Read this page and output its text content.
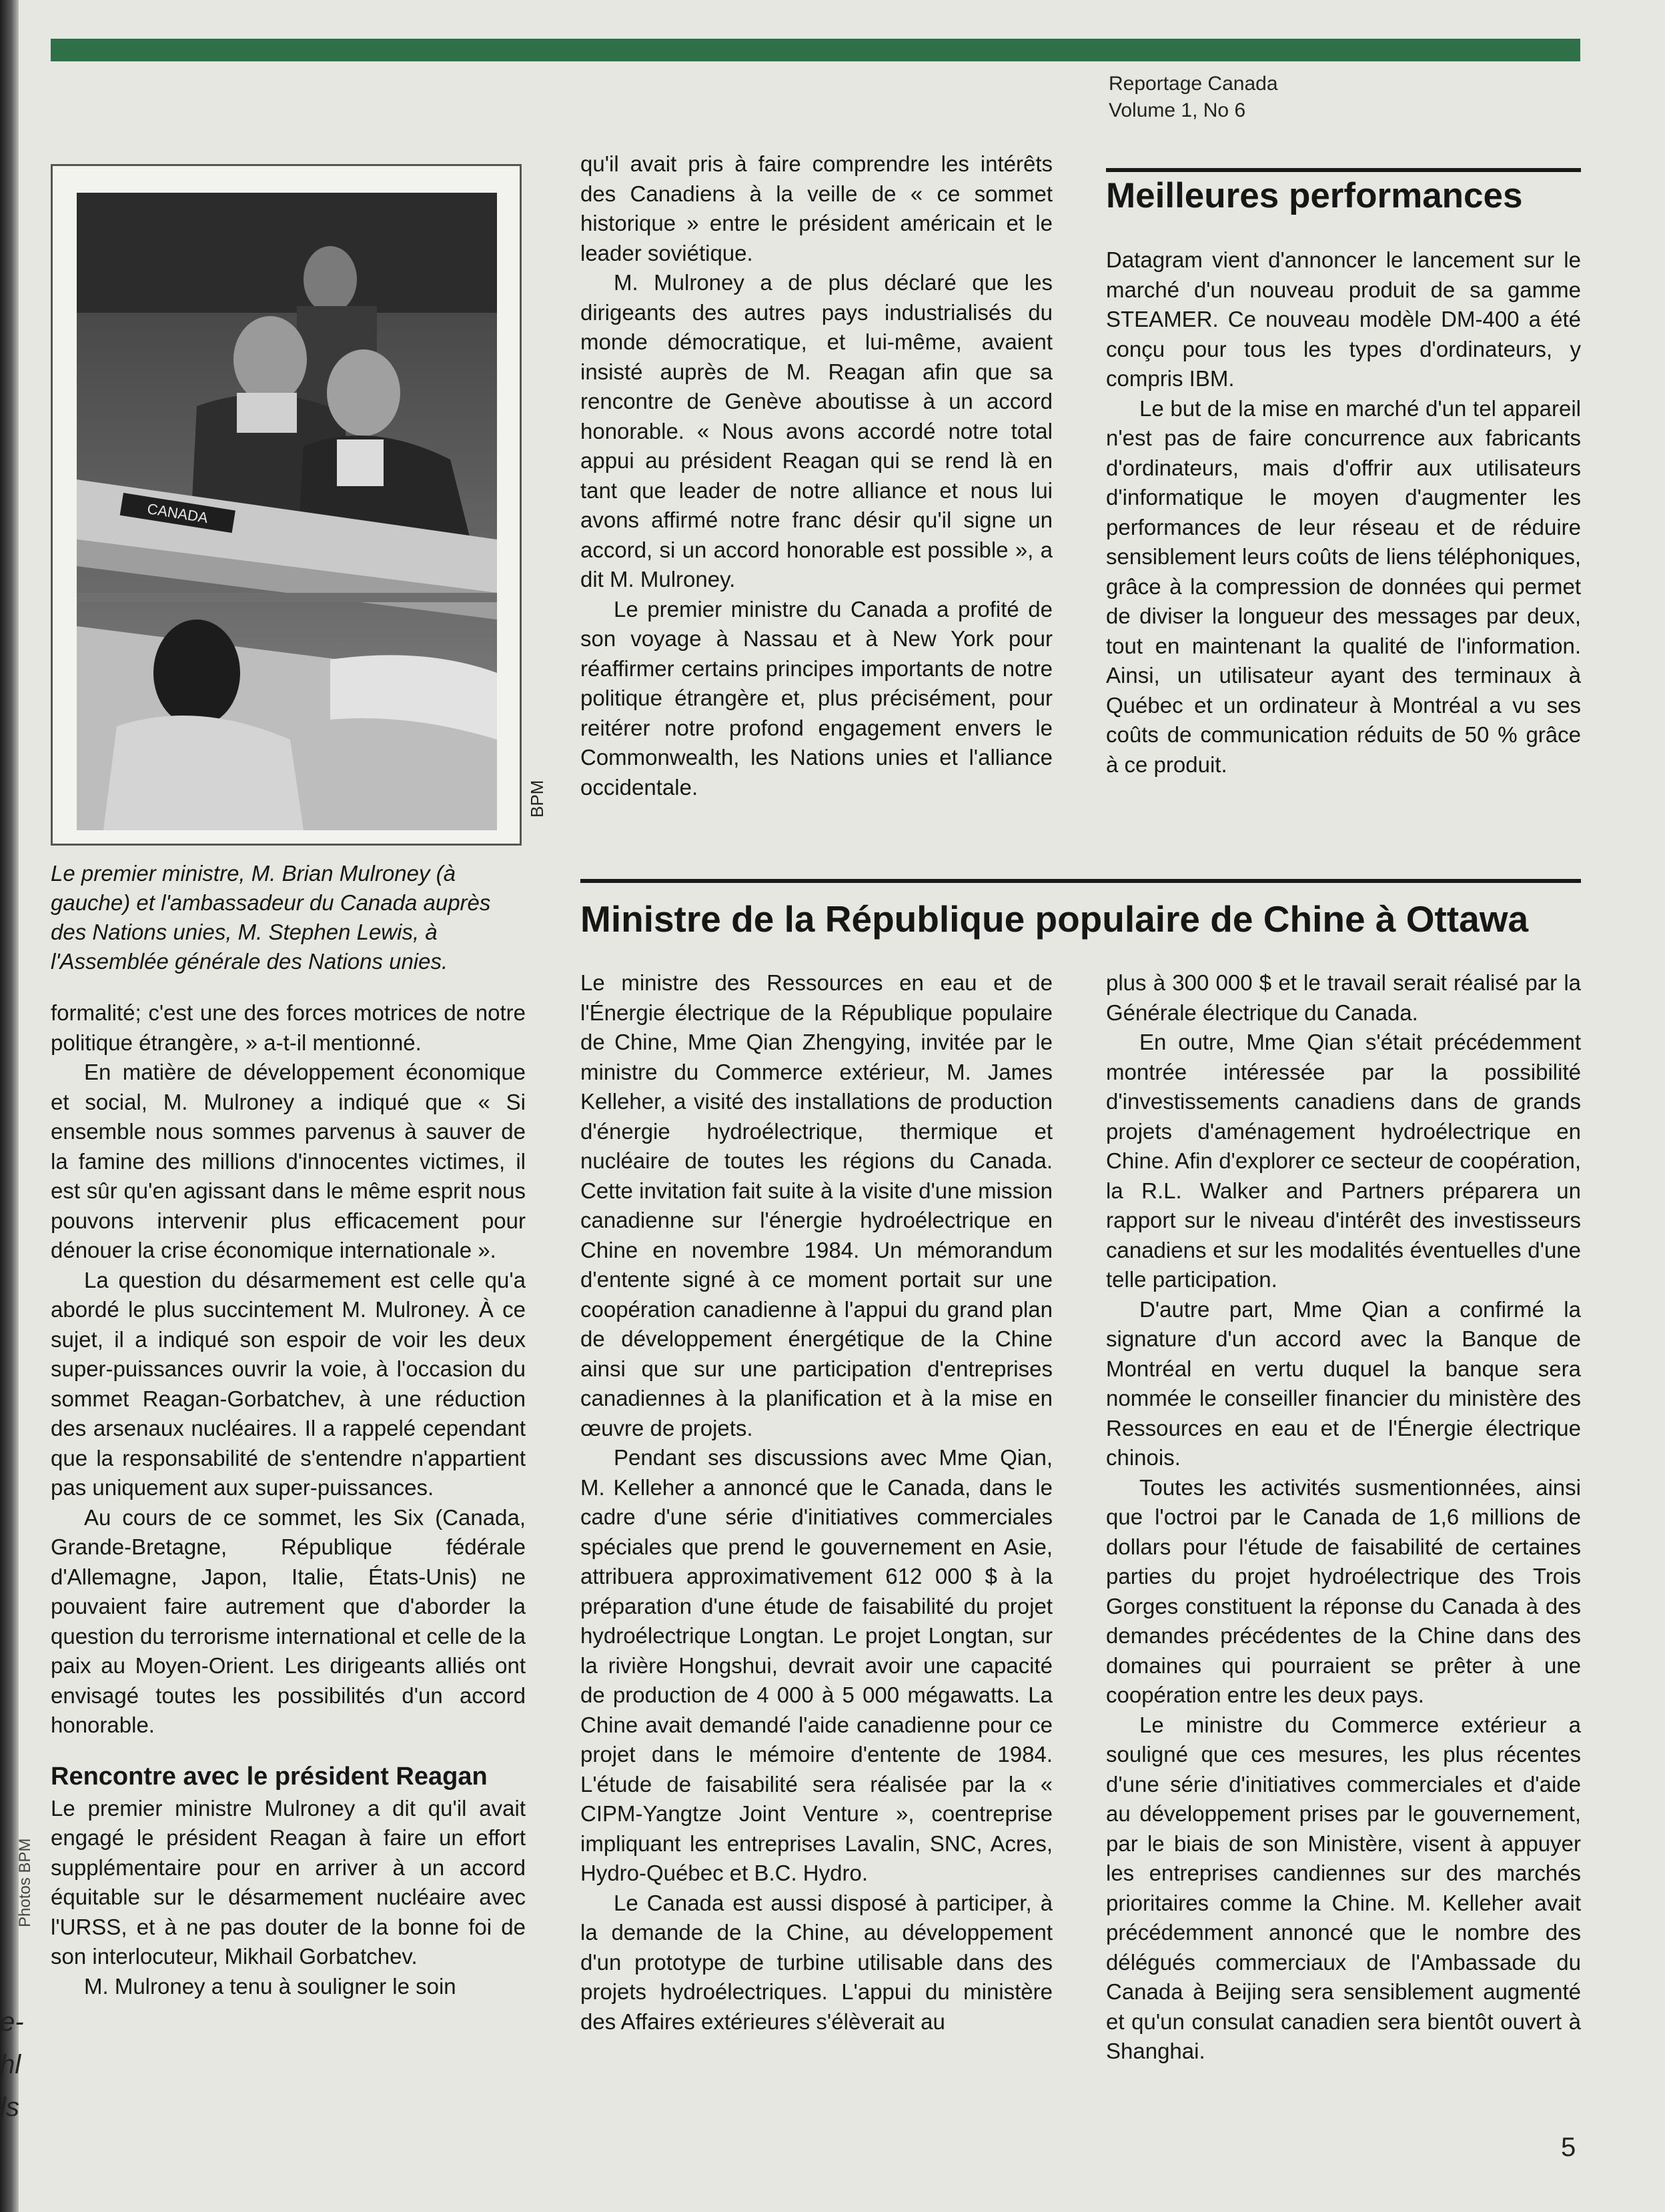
e-
hl
ls
Reportage Canada
Volume 1, No 6
CANADA
BPM
Le premier ministre, M. Brian Mulroney (à gauche) et l'ambassadeur du Canada auprès des Nations unies, M. Stephen Lewis, à l'Assemblée générale des Nations unies.
Photos BPM

formalité; c'est une des forces motrices de notre politique étrangère, » a-t-il mentionné.

En matière de développement économique et social, M. Mulroney a indiqué que « Si ensemble nous sommes parvenus à sauver de la famine des millions d'innocentes victimes, il est sûr qu'en agissant dans le même esprit nous pouvons intervenir plus efficacement pour dénouer la crise économique internationale ».

La question du désarmement est celle qu'a abordé le plus succintement M. Mulroney. À ce sujet, il a indiqué son espoir de voir les deux super-puissances ouvrir la voie, à l'occasion du sommet Reagan-Gorbatchev, à une réduction des arsenaux nucléaires. Il a rappelé cependant que la responsabilité de s'entendre n'appartient pas uniquement aux super-puissances.

Au cours de ce sommet, les Six (Canada, Grande-Bretagne, République fédérale d'Allemagne, Japon, Italie, États-Unis) ne pouvaient faire autrement que d'aborder la question du terrorisme international et celle de la paix au Moyen-Orient. Les dirigeants alliés ont envisagé toutes les possibilités d'un accord honorable.

Rencontre avec le président Reagan

Le premier ministre Mulroney a dit qu'il avait engagé le président Reagan à faire un effort supplémentaire pour en arriver à un accord équitable sur le désarmement nucléaire avec l'URSS, et à ne pas douter de la bonne foi de son interlocuteur, Mikhail Gorbatchev.

M. Mulroney a tenu à souligner le soin

qu'il avait pris à faire comprendre les intérêts des Canadiens à la veille de « ce sommet historique » entre le président américain et le leader soviétique.

M. Mulroney a de plus déclaré que les dirigeants des autres pays industrialisés du monde démocratique, et lui-même, avaient insisté auprès de M. Reagan afin que sa rencontre de Genève aboutisse à un accord honorable. « Nous avons accordé notre total appui au président Reagan qui se rend là en tant que leader de notre alliance et nous lui avons affirmé notre franc désir qu'il signe un accord, si un accord honorable est possible », a dit M. Mulroney.

Le premier ministre du Canada a profité de son voyage à Nassau et à New York pour réaffirmer certains principes importants de notre politique étrangère et, plus précisément, pour reitérer notre profond engagement envers le Commonwealth, les Nations unies et l'alliance occidentale.

Meilleures performances

Datagram vient d'annoncer le lancement sur le marché d'un nouveau produit de sa gamme STEAMER. Ce nouveau modèle DM-400 a été conçu pour tous les types d'ordinateurs, y compris IBM.

Le but de la mise en marché d'un tel appareil n'est pas de faire concurrence aux fabricants d'ordinateurs, mais d'offrir aux utilisateurs d'informatique le moyen d'augmenter les performances de leur réseau et de réduire sensiblement leurs coûts de liens téléphoniques, grâce à la compression de données qui permet de diviser la longueur des messages par deux, tout en maintenant la qualité de l'information. Ainsi, un utilisateur ayant des terminaux à Québec et un ordinateur à Montréal a vu ses coûts de communication réduits de 50 % grâce à ce produit.

Ministre de la République populaire de Chine à Ottawa

Le ministre des Ressources en eau et de l'Énergie électrique de la République populaire de Chine, Mme Qian Zhengying, invitée par le ministre du Commerce extérieur, M. James Kelleher, a visité des installations de production d'énergie hydroélectrique, thermique et nucléaire de toutes les régions du Canada. Cette invitation fait suite à la visite d'une mission canadienne sur l'énergie hydroélectrique en Chine en novembre 1984. Un mémorandum d'entente signé à ce moment portait sur une coopération canadienne à l'appui du grand plan de développement énergétique de la Chine ainsi que sur une participation d'entreprises canadiennes à la planification et à la mise en œuvre de projets.

Pendant ses discussions avec Mme Qian, M. Kelleher a annoncé que le Canada, dans le cadre d'une série d'initiatives commerciales spéciales que prend le gouvernement en Asie, attribuera approximativement 612 000 $ à la préparation d'une étude de faisabilité du projet hydroélectrique Longtan. Le projet Longtan, sur la rivière Hongshui, devrait avoir une capacité de production de 4 000 à 5 000 mégawatts. La Chine avait demandé l'aide canadienne pour ce projet dans le mémoire d'entente de 1984. L'étude de faisabilité sera réalisée par la « CIPM-Yangtze Joint Venture », coentreprise impliquant les entreprises Lavalin, SNC, Acres, Hydro-Québec et B.C. Hydro.

Le Canada est aussi disposé à participer, à la demande de la Chine, au développement d'un prototype de turbine utilisable dans des projets hydroélectriques. L'appui du ministère des Affaires extérieures s'élèverait au

plus à 300 000 $ et le travail serait réalisé par la Générale électrique du Canada.

En outre, Mme Qian s'était précédemment montrée intéressée par la possibilité d'investissements canadiens dans de grands projets d'aménagement hydroélectrique en Chine. Afin d'explorer ce secteur de coopération, la R.L. Walker and Partners préparera un rapport sur le niveau d'intérêt des investisseurs canadiens et sur les modalités éventuelles d'une telle participation.

D'autre part, Mme Qian a confirmé la signature d'un accord avec la Banque de Montréal en vertu duquel la banque sera nommée le conseiller financier du ministère des Ressources en eau et de l'Énergie électrique chinois.

Toutes les activités susmentionnées, ainsi que l'octroi par le Canada de 1,6 millions de dollars pour l'étude de faisabilité de certaines parties du projet hydroélectrique des Trois Gorges constituent la réponse du Canada à des demandes précédentes de la Chine dans des domaines qui pourraient se prêter à une coopération entre les deux pays.

Le ministre du Commerce extérieur a souligné que ces mesures, les plus récentes d'une série d'initiatives commerciales et d'aide au développement prises par le gouvernement, par le biais de son Ministère, visent à appuyer les entreprises candiennes sur des marchés prioritaires comme la Chine. M. Kelleher avait précédemment annoncé que le nombre des délégués commerciaux de l'Ambassade du Canada à Beijing sera sensiblement augmenté et qu'un consulat canadien sera bientôt ouvert à Shanghai.

5
